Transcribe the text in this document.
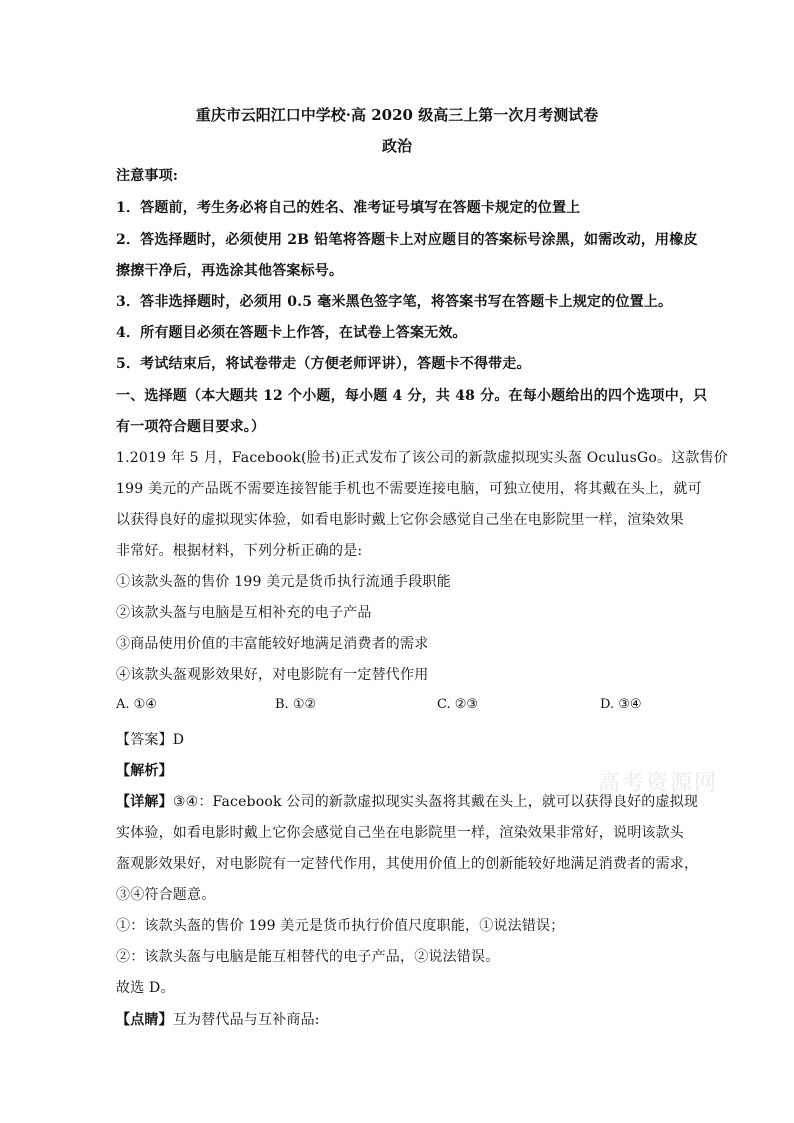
重庆市云阳江口中学校·高 2020 级高三上第一次月考测试卷
政治
注意事项:
1．答题前，考生务必将自己的姓名、准考证号填写在答题卡规定的位置上
2．答选择题时，必须使用 2B 铅笔将答题卡上对应题目的答案标号涂黑，如需改动，用橡皮
擦擦干净后，再选涂其他答案标号。
3．答非选择题时，必须用 0.5 毫米黑色签字笔，将答案书写在答题卡上规定的位置上。
4．所有题目必须在答题卡上作答，在试卷上答案无效。
5．考试结束后，将试卷带走（方便老师评讲），答题卡不得带走。
一、选择题（本大题共 12 个小题，每小题 4 分，共 48 分。在每小题给出的四个选项中，只
有一项符合题目要求。）
1.2019 年 5 月，Facebook(脸书)正式发布了该公司的新款虚拟现实头盔 OculusGo。这款售价
199 美元的产品既不需要连接智能手机也不需要连接电脑，可独立使用，将其戴在头上，就可
以获得良好的虚拟现实体验，如看电影时戴上它你会感觉自己坐在电影院里一样，渲染效果
非常好。根据材料，下列分析正确的是:
①该款头盔的售价 199 美元是货币执行流通手段职能
②该款头盔与电脑是互相补充的电子产品
③商品使用价值的丰富能较好地满足消费者的需求
④该款头盔观影效果好，对电影院有一定替代作用
A. ①④	B. ①②	C. ②③	D. ③④
【答案】D
【解析】
【详解】③④：Facebook 公司的新款虚拟现实头盔将其戴在头上，就可以获得良好的虚拟现
实体验，如看电影时戴上它你会感觉自己坐在电影院里一样，渲染效果非常好，说明该款头
盔观影效果好，对电影院有一定替代作用，其使用价值上的创新能较好地满足消费者的需求，
③④符合题意。
①：该款头盔的售价 199 美元是货币执行价值尺度职能，①说法错误；
②：该款头盔与电脑是能互相替代的电子产品，②说法错误。
故选 D。
【点睛】互为替代品与互补商品:
高考资源网
